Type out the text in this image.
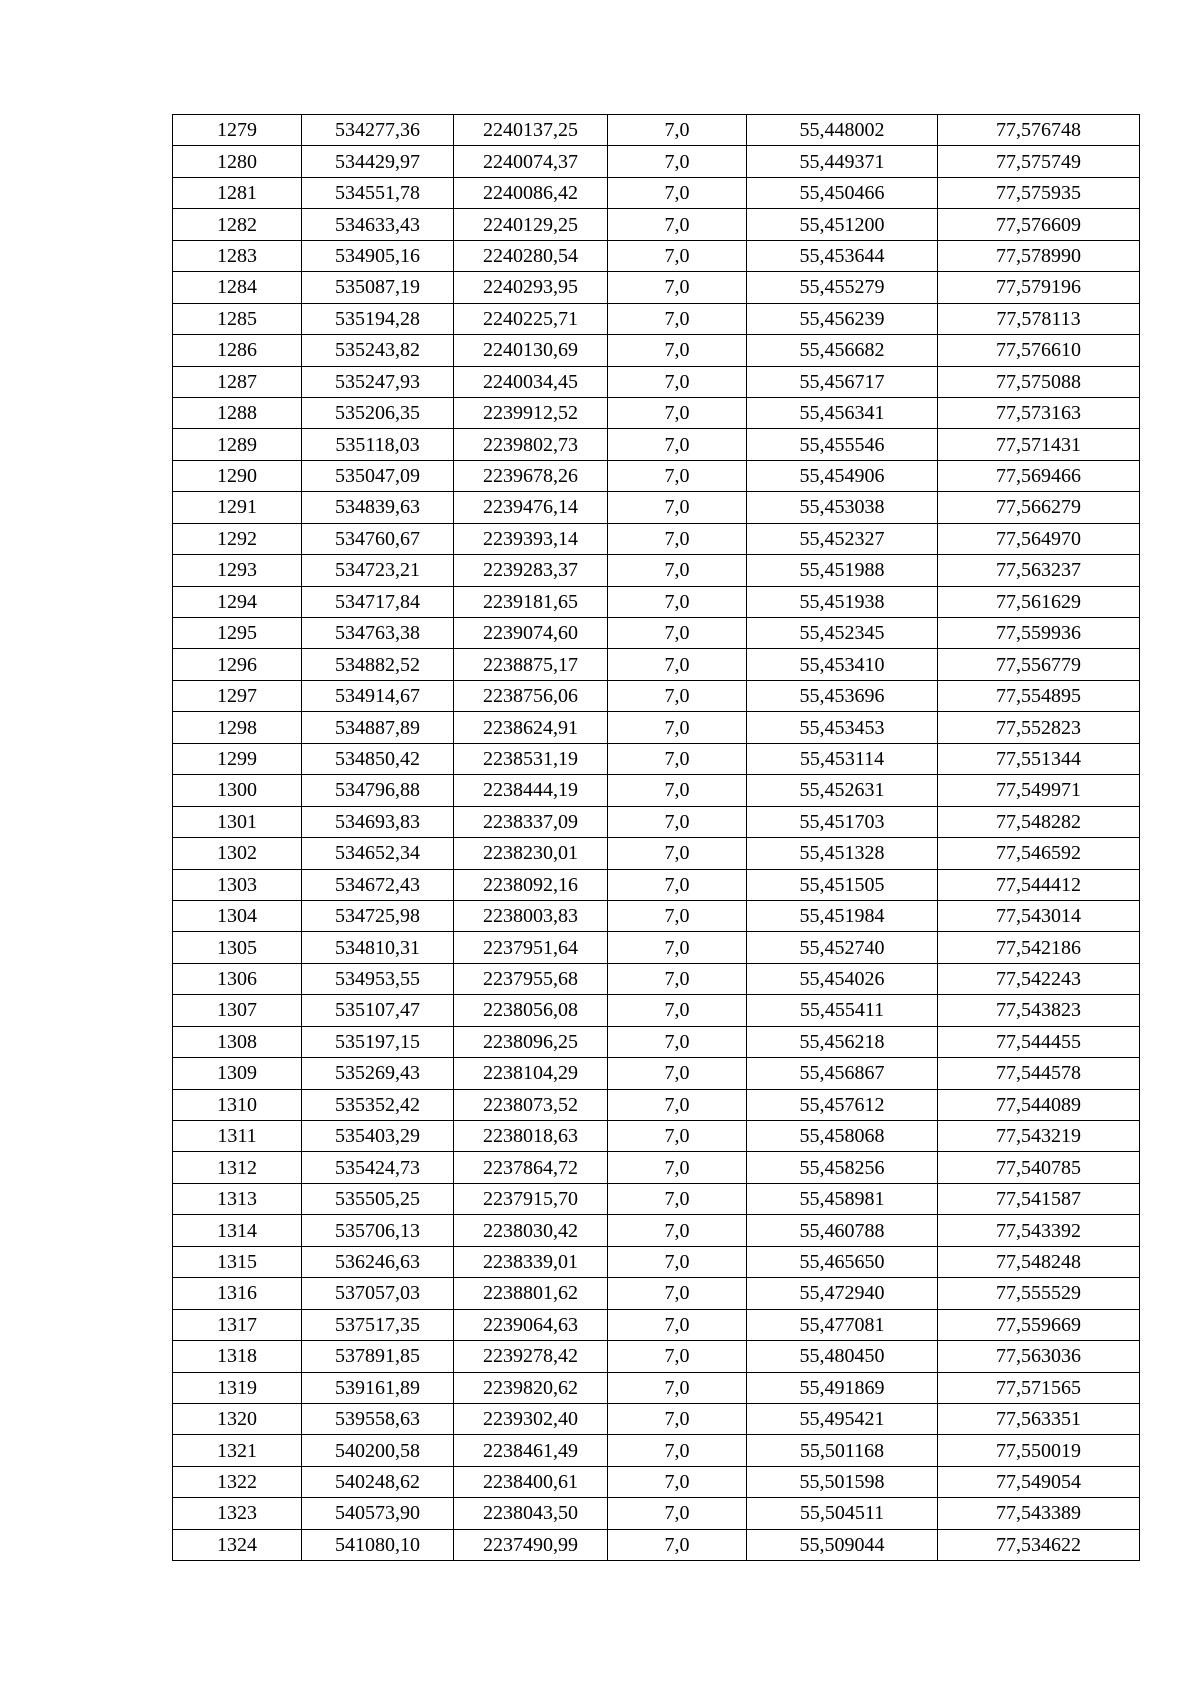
1279	534277,36	2240137,25	7,0	55,448002	77,576748
1280	534429,97	2240074,37	7,0	55,449371	77,575749
1281	534551,78	2240086,42	7,0	55,450466	77,575935
1282	534633,43	2240129,25	7,0	55,451200	77,576609
1283	534905,16	2240280,54	7,0	55,453644	77,578990
1284	535087,19	2240293,95	7,0	55,455279	77,579196
1285	535194,28	2240225,71	7,0	55,456239	77,578113
1286	535243,82	2240130,69	7,0	55,456682	77,576610
1287	535247,93	2240034,45	7,0	55,456717	77,575088
1288	535206,35	2239912,52	7,0	55,456341	77,573163
1289	535118,03	2239802,73	7,0	55,455546	77,571431
1290	535047,09	2239678,26	7,0	55,454906	77,569466
1291	534839,63	2239476,14	7,0	55,453038	77,566279
1292	534760,67	2239393,14	7,0	55,452327	77,564970
1293	534723,21	2239283,37	7,0	55,451988	77,563237
1294	534717,84	2239181,65	7,0	55,451938	77,561629
1295	534763,38	2239074,60	7,0	55,452345	77,559936
1296	534882,52	2238875,17	7,0	55,453410	77,556779
1297	534914,67	2238756,06	7,0	55,453696	77,554895
1298	534887,89	2238624,91	7,0	55,453453	77,552823
1299	534850,42	2238531,19	7,0	55,453114	77,551344
1300	534796,88	2238444,19	7,0	55,452631	77,549971
1301	534693,83	2238337,09	7,0	55,451703	77,548282
1302	534652,34	2238230,01	7,0	55,451328	77,546592
1303	534672,43	2238092,16	7,0	55,451505	77,544412
1304	534725,98	2238003,83	7,0	55,451984	77,543014
1305	534810,31	2237951,64	7,0	55,452740	77,542186
1306	534953,55	2237955,68	7,0	55,454026	77,542243
1307	535107,47	2238056,08	7,0	55,455411	77,543823
1308	535197,15	2238096,25	7,0	55,456218	77,544455
1309	535269,43	2238104,29	7,0	55,456867	77,544578
1310	535352,42	2238073,52	7,0	55,457612	77,544089
1311	535403,29	2238018,63	7,0	55,458068	77,543219
1312	535424,73	2237864,72	7,0	55,458256	77,540785
1313	535505,25	2237915,70	7,0	55,458981	77,541587
1314	535706,13	2238030,42	7,0	55,460788	77,543392
1315	536246,63	2238339,01	7,0	55,465650	77,548248
1316	537057,03	2238801,62	7,0	55,472940	77,555529
1317	537517,35	2239064,63	7,0	55,477081	77,559669
1318	537891,85	2239278,42	7,0	55,480450	77,563036
1319	539161,89	2239820,62	7,0	55,491869	77,571565
1320	539558,63	2239302,40	7,0	55,495421	77,563351
1321	540200,58	2238461,49	7,0	55,501168	77,550019
1322	540248,62	2238400,61	7,0	55,501598	77,549054
1323	540573,90	2238043,50	7,0	55,504511	77,543389
1324	541080,10	2237490,99	7,0	55,509044	77,534622
